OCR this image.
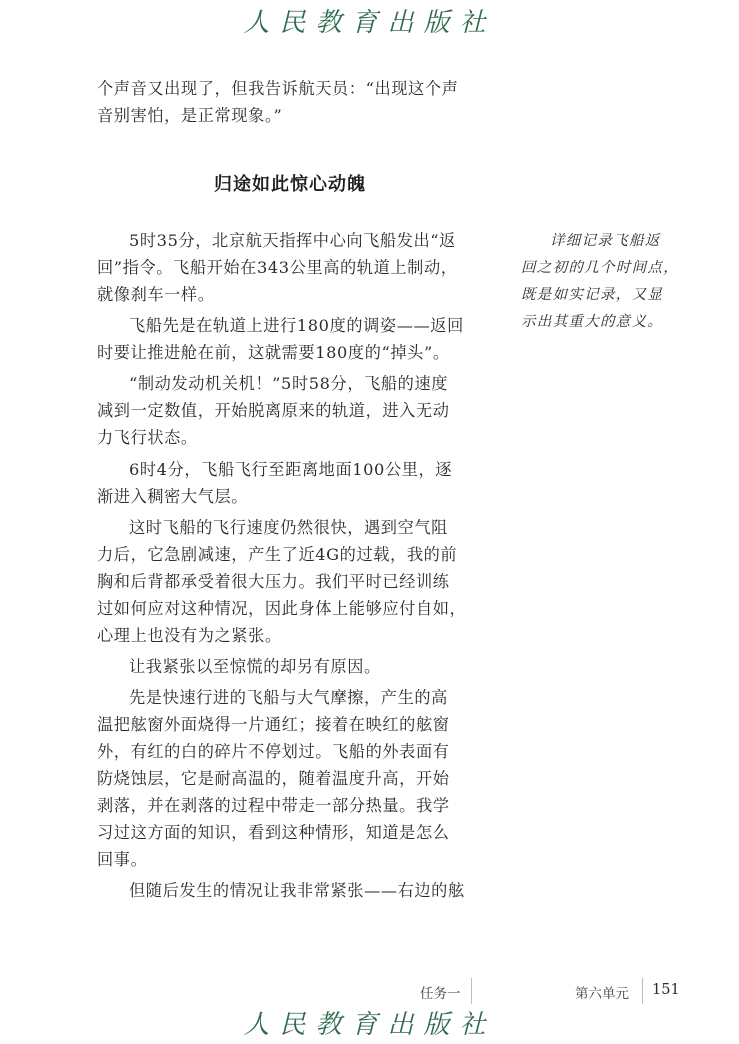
人民教育出版社
个声音又出现了，但我告诉航天员：“出现这个声
音别害怕，是正常现象。”
归途如此惊心动魄
5时35分，北京航天指挥中心向飞船发出“返
回”指令。飞船开始在343公里高的轨道上制动，
就像刹车一样。
飞船先是在轨道上进行180度的调姿——返回
时要让推进舱在前，这就需要180度的“掉头”。
“制动发动机关机！”5时58分，飞船的速度
减到一定数值，开始脱离原来的轨道，进入无动
力飞行状态。
6时4分，飞船飞行至距离地面100公里，逐
渐进入稠密大气层。
这时飞船的飞行速度仍然很快，遇到空气阻
力后，它急剧减速，产生了近4G的过载，我的前
胸和后背都承受着很大压力。我们平时已经训练
过如何应对这种情况，因此身体上能够应付自如，
心理上也没有为之紧张。
让我紧张以至惊慌的却另有原因。
先是快速行进的飞船与大气摩擦，产生的高
温把舷窗外面烧得一片通红；接着在映红的舷窗
外，有红的白的碎片不停划过。飞船的外表面有
防烧蚀层，它是耐高温的，随着温度升高，开始
剥落，并在剥落的过程中带走一部分热量。我学
习过这方面的知识，看到这种情形，知道是怎么
回事。
但随后发生的情况让我非常紧张——右边的舷
详细记录飞船返
回之初的几个时间点，
既是如实记录，又显
示出其重大的意义。
任务一	第六单元 151
人民教育出版社
